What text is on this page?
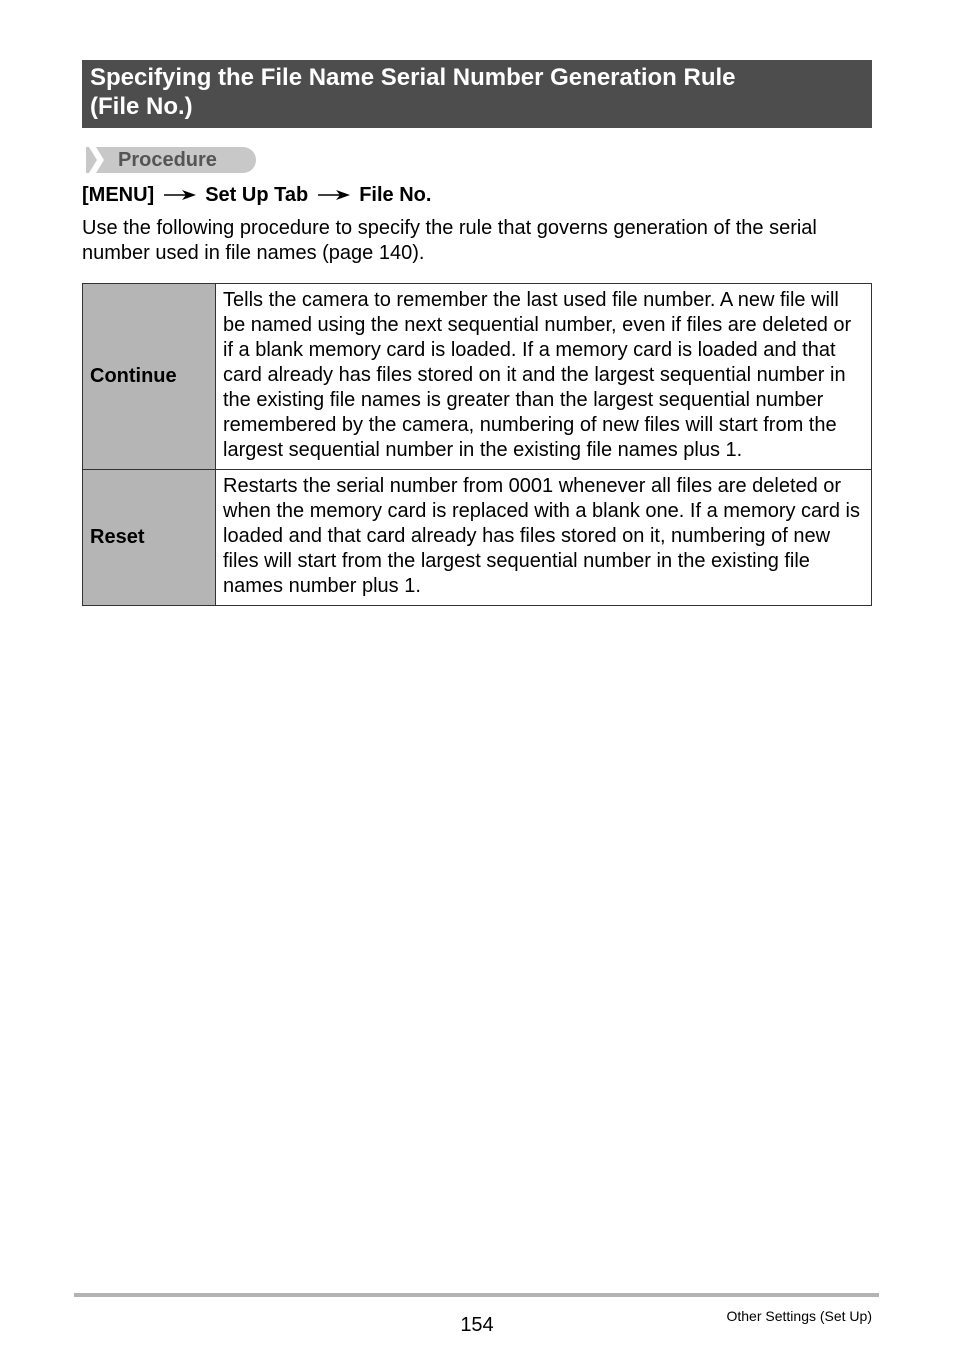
Specifying the File Name Serial Number Generation Rule
(File No.)
Procedure
[MENU]	Set Up Tab	File No.
Use the following procedure to specify the rule that governs generation of the serial number used in file names (page 140).
Continue	Tells the camera to remember the last used file number. A new file will be named using the next sequential number, even if files are deleted or if a blank memory card is loaded. If a memory card is loaded and that card already has files stored on it and the largest sequential number in the existing file names is greater than the largest sequential number remembered by the camera, numbering of new files will start from the largest sequential number in the existing file names plus 1.
Reset	Restarts the serial number from 0001 whenever all files are deleted or when the memory card is replaced with a blank one. If a memory card is loaded and that card already has files stored on it, numbering of new files will start from the largest sequential number in the existing file names number plus 1.
154	Other Settings (Set Up)
